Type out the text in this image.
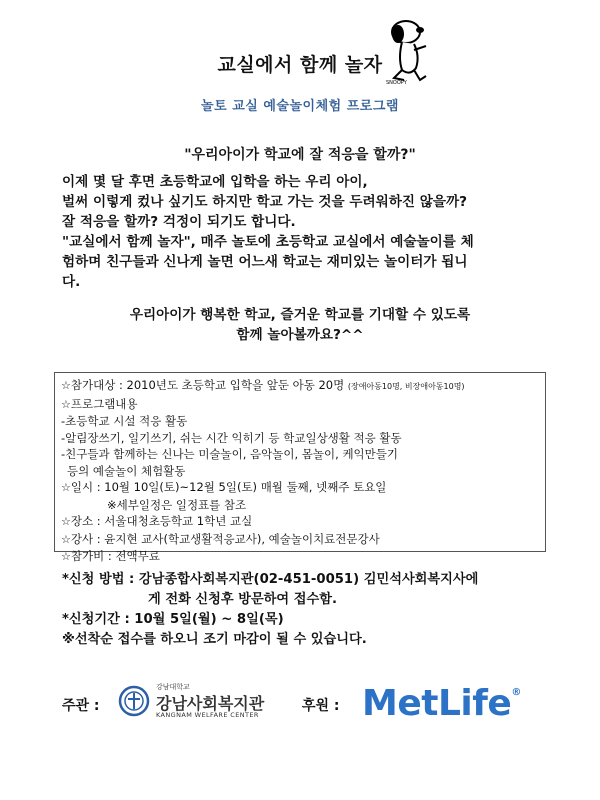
교실에서 함께 놀자
SNOOPY
놀토 교실 예술놀이체험 프로그램
"우리아이가 학교에 잘 적응을 할까?"
이제 몇 달 후면 초등학교에 입학을 하는 우리 아이,
벌써 이렇게 컸나 싶기도 하지만 학교 가는 것을 두려워하진 않을까?
잘 적응을 할까? 걱정이 되기도 합니다.
"교실에서 함께 놀자", 매주 놀토에 초등학교 교실에서 예술놀이를 체
험하며 친구들과 신나게 놀면 어느새 학교는 재미있는 놀이터가 됩니
다.
우리아이가 행복한 학교, 즐거운 학교를 기대할 수 있도록
함께 놀아볼까요?^^
☆참가대상 : 2010년도 초등학교 입학을 앞둔 아동 20명 (장애아동10명, 비장애아동10명)
☆프로그램내용
-초등학교 시설 적응 활동
-알림장쓰기, 일기쓰기, 쉬는 시간 익히기 등 학교일상생활 적응 활동
-친구들과 함께하는 신나는 미술놀이, 음악놀이, 몸놀이, 케익만들기
등의 예술놀이 체험활동
☆일시 : 10월 10일(토)~12월 5일(토) 매월 둘째, 넷째주 토요일
※세부일정은 일정표를 참조
☆장소 : 서울대청초등학교 1학년 교실
☆강사 : 윤지현 교사(학교생활적응교사), 예술놀이치료전문강사
☆참가비 : 전액무료
*신청 방법 : 강남종합사회복지관(02-451-0051) 김민석사회복지사에
게 전화 신청후 방문하여 접수함.
*신청기간 : 10월 5일(월) ~ 8일(목)
※선착순 접수를 하오니 조기 마감이 될 수 있습니다.
주관 :
강남대학교
강남사회복지관
KANGNAM WELFARE CENTER
후원 : MetLife®
